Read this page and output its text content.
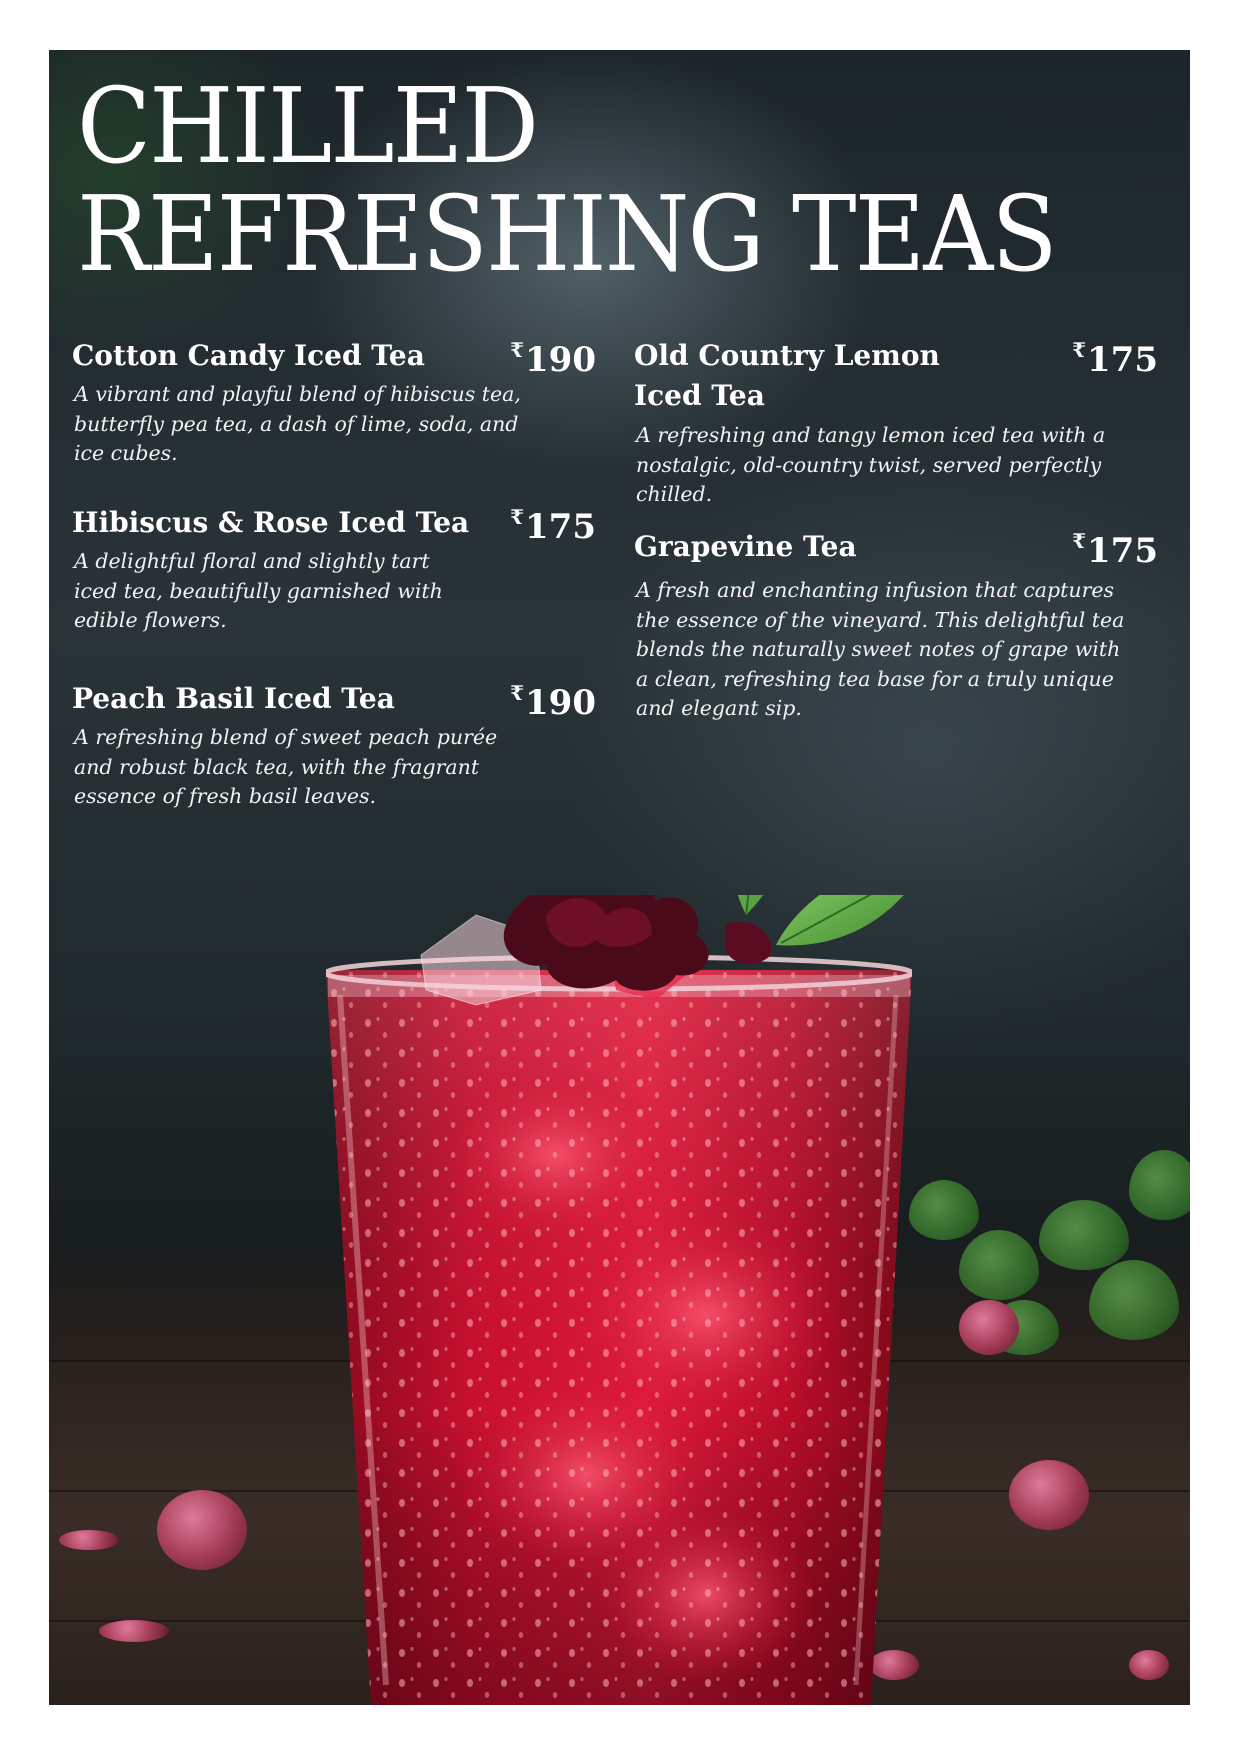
CHILLED REFRESHING TEAS
Cotton Candy Iced Tea	₹190
A vibrant and playful blend of hibiscus tea, butterfly pea tea, a dash of lime, soda, and ice cubes.
Hibiscus & Rose Iced Tea ₹175
A delightful floral and slightly tart iced tea, beautifully garnished with edible flowers.
Peach Basil Iced Tea	₹190
A refreshing blend of sweet peach purée and robust black tea, with the fragrant essence of fresh basil leaves.
Old Country Lemon Iced Tea
₹175
A refreshing and tangy lemon iced tea with a nostalgic, old-country twist, served perfectly chilled.
Grapevine Tea	₹175
A fresh and enchanting infusion that captures the essence of the vineyard. This delightful tea blends the naturally sweet notes of grape with a clean, refreshing tea base for a truly unique and elegant sip.
